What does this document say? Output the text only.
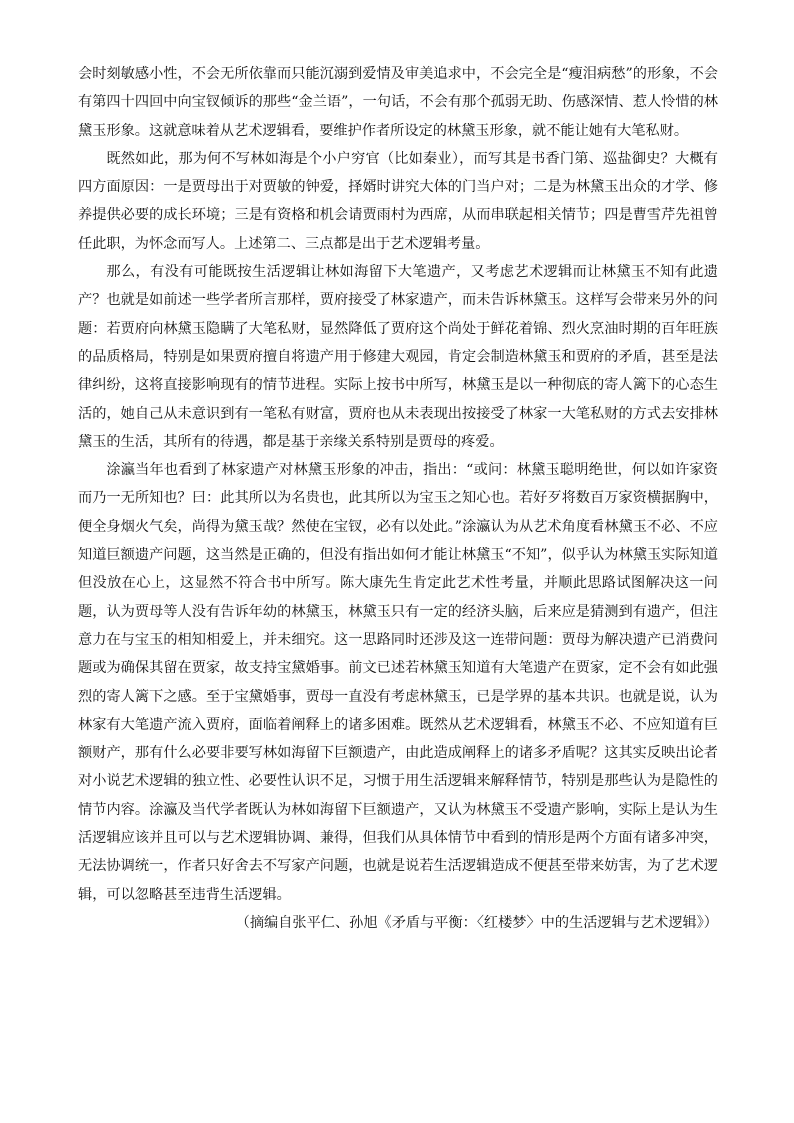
会时刻敏感小性，不会无所依靠而只能沉溺到爱情及审美追求中，不会完全是“瘦泪病愁”的形象，不会有第四十四回中向宝钗倾诉的那些“金兰语”，一句话，不会有那个孤弱无助、伤感深情、惹人怜惜的林黛玉形象。这就意味着从艺术逻辑看，要维护作者所设定的林黛玉形象，就不能让她有大笔私财。

既然如此，那为何不写林如海是个小户穷官（比如秦业），而写其是书香门第、巡盐御史？大概有四方面原因：一是贾母出于对贾敏的钟爱，择婿时讲究大体的门当户对；二是为林黛玉出众的才学、修养提供必要的成长环境；三是有资格和机会请贾雨村为西席，从而串联起相关情节；四是曹雪芹先祖曾任此职，为怀念而写人。上述第二、三点都是出于艺术逻辑考量。

那么，有没有可能既按生活逻辑让林如海留下大笔遗产，又考虑艺术逻辑而让林黛玉不知有此遗产？也就是如前述一些学者所言那样，贾府接受了林家遗产，而未告诉林黛玉。这样写会带来另外的问题：若贾府向林黛玉隐瞒了大笔私财，显然降低了贾府这个尚处于鲜花着锦、烈火烹油时期的百年旺族的品质格局，特别是如果贾府擅自将遗产用于修建大观园，肯定会制造林黛玉和贾府的矛盾，甚至是法律纠纷，这将直接影响现有的情节进程。实际上按书中所写，林黛玉是以一种彻底的寄人篱下的心态生活的，她自己从未意识到有一笔私有财富，贾府也从未表现出按接受了林家一大笔私财的方式去安排林黛玉的生活，其所有的待遇，都是基于亲缘关系特别是贾母的疼爱。

涂瀛当年也看到了林家遗产对林黛玉形象的冲击，指出：“或问：林黛玉聪明绝世，何以如许家资而乃一无所知也？曰：此其所以为名贵也，此其所以为宝玉之知心也。若好歹将数百万家资横据胸中，便全身烟火气矣，尚得为黛玉哉？然使在宝钗，必有以处此。”涂瀛认为从艺术角度看林黛玉不必、不应知道巨额遗产问题，这当然是正确的，但没有指出如何才能让林黛玉“不知”，似乎认为林黛玉实际知道但没放在心上，这显然不符合书中所写。陈大康先生肯定此艺术性考量，并顺此思路试图解决这一问题，认为贾母等人没有告诉年幼的林黛玉，林黛玉只有一定的经济头脑，后来应是猜测到有遗产，但注意力在与宝玉的相知相爱上，并未细究。这一思路同时还涉及这一连带问题：贾母为解决遗产已消费问题或为确保其留在贾家，故支持宝黛婚事。前文已述若林黛玉知道有大笔遗产在贾家，定不会有如此强烈的寄人篱下之感。至于宝黛婚事，贾母一直没有考虑林黛玉，已是学界的基本共识。也就是说，认为林家有大笔遗产流入贾府，面临着阐释上的诸多困难。既然从艺术逻辑看，林黛玉不必、不应知道有巨额财产，那有什么必要非要写林如海留下巨额遗产，由此造成阐释上的诸多矛盾呢？这其实反映出论者对小说艺术逻辑的独立性、必要性认识不足，习惯于用生活逻辑来解释情节，特别是那些认为是隐性的情节内容。涂瀛及当代学者既认为林如海留下巨额遗产，又认为林黛玉不受遗产影响，实际上是认为生活逻辑应该并且可以与艺术逻辑协调、兼得，但我们从具体情节中看到的情形是两个方面有诸多冲突，无法协调统一，作者只好舍去不写家产问题，也就是说若生活逻辑造成不便甚至带来妨害，为了艺术逻辑，可以忽略甚至违背生活逻辑。

（摘编自张平仁、孙旭《矛盾与平衡：〈红楼梦〉中的生活逻辑与艺术逻辑》）
